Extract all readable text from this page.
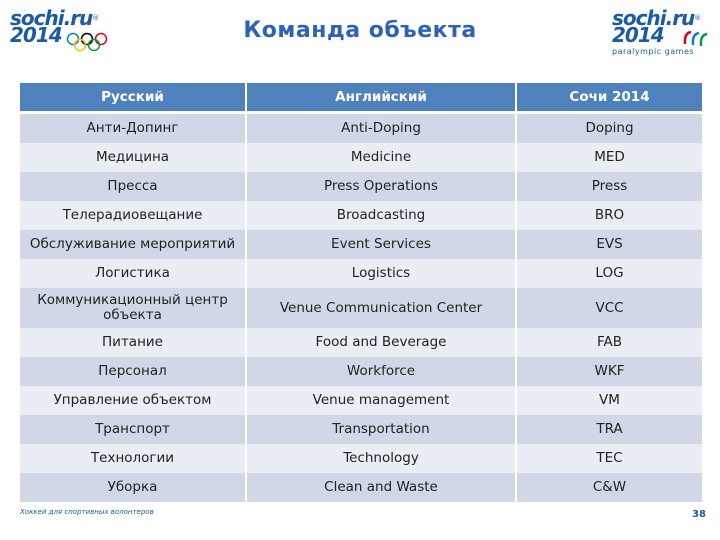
sochi.ru®
2014	Команда объекта	sochi.ru®
2014
paralympic games
Русский	Английский	Сочи 2014
Анти-Допинг	Anti-Doping	Doping
Медицина	Medicine	MED
Пресса	Press Operations	Press
Телерадиовещание	Broadcasting	BRO
Обслуживание мероприятий	Event Services	EVS
Логистика	Logistics	LOG
Коммуникационный центр объекта	Venue Communication Center	VCC
Питание	Food and Beverage	FAB
Персонал	Workforce	WKF
Управление объектом	Venue management	VM
Транспорт	Transportation	TRA
Технологии	Technology	TEC
Уборка	Clean and Waste	C&W
Хоккей для спортивных волонтеров	38
